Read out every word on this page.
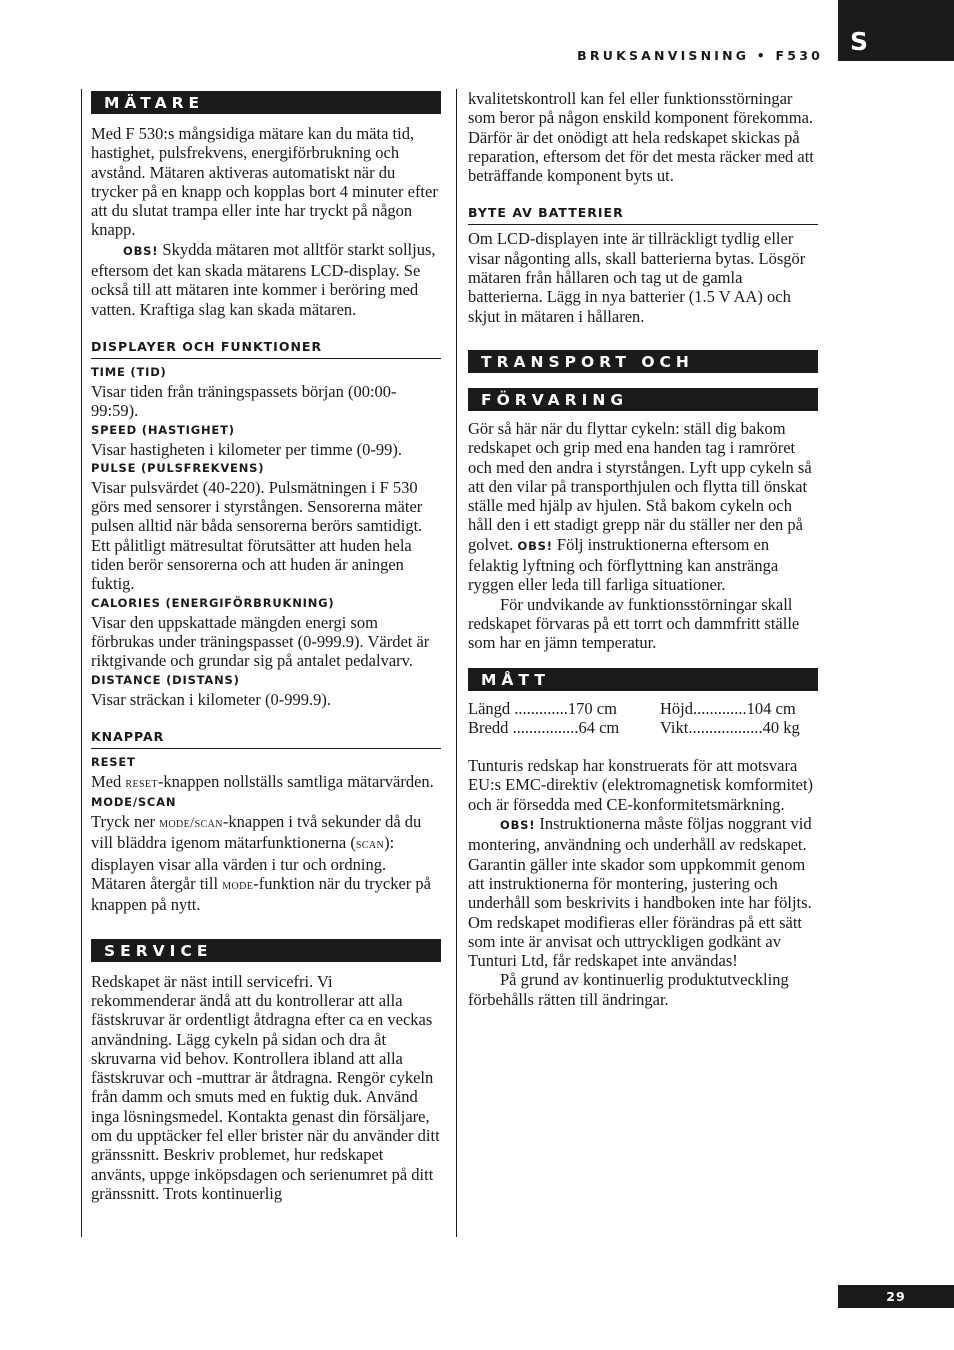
S
BRUKSANVISNING • F530
MÄTARE

Med F 530:s mångsidiga mätare kan du mäta tid, hastighet, pulsfrekvens, energiförbrukning och avstånd. Mätaren aktiveras automatiskt när du trycker på en knapp och kopplas bort 4 minuter efter att du slutat trampa eller inte har tryckt på någon knapp.

OBS! Skydda mätaren mot alltför starkt solljus, eftersom det kan skada mätarens LCD-display. Se också till att mätaren inte kommer i beröring med vatten. Kraftiga slag kan skada mätaren.

DISPLAYER OCH FUNKTIONER
TIME (TID)

Visar tiden från träningspassets början (00:00-99:59).

SPEED (HASTIGHET)

Visar hastigheten i kilometer per timme (0-99).

PULSE (PULSFREKVENS)

Visar pulsvärdet (40-220). Pulsmätningen i F 530 görs med sensorer i styrstången. Sensorerna mäter pulsen alltid när båda sensorerna berörs samtidigt. Ett pålitligt mätresultat förutsätter att huden hela tiden berör sensorerna och att huden är aningen fuktig.

CALORIES (ENERGIFÖRBRUKNING)

Visar den uppskattade mängden energi som förbrukas under träningspasset (0-999.9). Värdet är riktgivande och grundar sig på antalet pedalvarv.

DISTANCE (DISTANS)

Visar sträckan i kilometer (0-999.9).

KNAPPAR
RESET

Med reset-knappen nollställs samtliga mätarvärden.

MODE/SCAN

Tryck ner mode/scan-knappen i två sekunder då du vill bläddra igenom mätarfunktionerna (scan): displayen visar alla värden i tur och ordning. Mätaren återgår till mode-funktion när du trycker på knappen på nytt.

SERVICE

Redskapet är näst intill servicefri. Vi rekommenderar ändå att du kontrollerar att alla fästskruvar är ordentligt åtdragna efter ca en veckas användning. Lägg cykeln på sidan och dra åt skruvarna vid behov. Kontrollera ibland att alla fästskruvar och -muttrar är åtdragna. Rengör cykeln från damm och smuts med en fuktig duk. Använd inga lösningsmedel. Kontakta genast din försäljare, om du upptäcker fel eller brister när du använder ditt gränssnitt. Beskriv problemet, hur redskapet använts, uppge inköpsdagen och serienumret på ditt gränssnitt. Trots kontinuerlig

kvalitetskontroll kan fel eller funktionsstörningar som beror på någon enskild komponent förekomma. Därför är det onödigt att hela redskapet skickas på reparation, eftersom det för det mesta räcker med att beträffande komponent byts ut.

BYTE AV BATTERIER

Om LCD-displayen inte är tillräckligt tydlig eller visar någonting alls, skall batterierna bytas. Lösgör mätaren från hållaren och tag ut de gamla batterierna. Lägg in nya batterier (1.5 V AA) och skjut in mätaren i hållaren.

TRANSPORT OCH
FÖRVARING

Gör så här när du flyttar cykeln: ställ dig bakom redskapet och grip med ena handen tag i ramröret och med den andra i styrstången. Lyft upp cykeln så att den vilar på transporthjulen och flytta till önskat ställe med hjälp av hjulen. Stå bakom cykeln och håll den i ett stadigt grepp när du ställer ner den på golvet. OBS! Följ instruktionerna eftersom en felaktig lyftning och förflyttning kan anstränga ryggen eller leda till farliga situationer.

För undvikande av funktionsstörningar skall redskapet förvaras på ett torrt och dammfritt ställe som har en jämn temperatur.

MÅTT
Längd .............170 cm	Höjd.............104 cm
Bredd ................64 cm	Vikt..................40 kg

Tunturis redskap har konstruerats för att motsvara EU:s EMC-direktiv (elektromagnetisk komformitet) och är försedda med CE-konformitetsmärkning.

OBS! Instruktionerna måste följas noggrant vid montering, användning och underhåll av redskapet. Garantin gäller inte skador som uppkommit genom att instruktionerna för montering, justering och underhåll som beskrivits i handboken inte har följts. Om redskapet modifieras eller förändras på ett sätt som inte är anvisat och uttryckligen godkänt av Tunturi Ltd, får redskapet inte användas!

På grund av kontinuerlig produktutveckling förbehålls rätten till ändringar.

29
